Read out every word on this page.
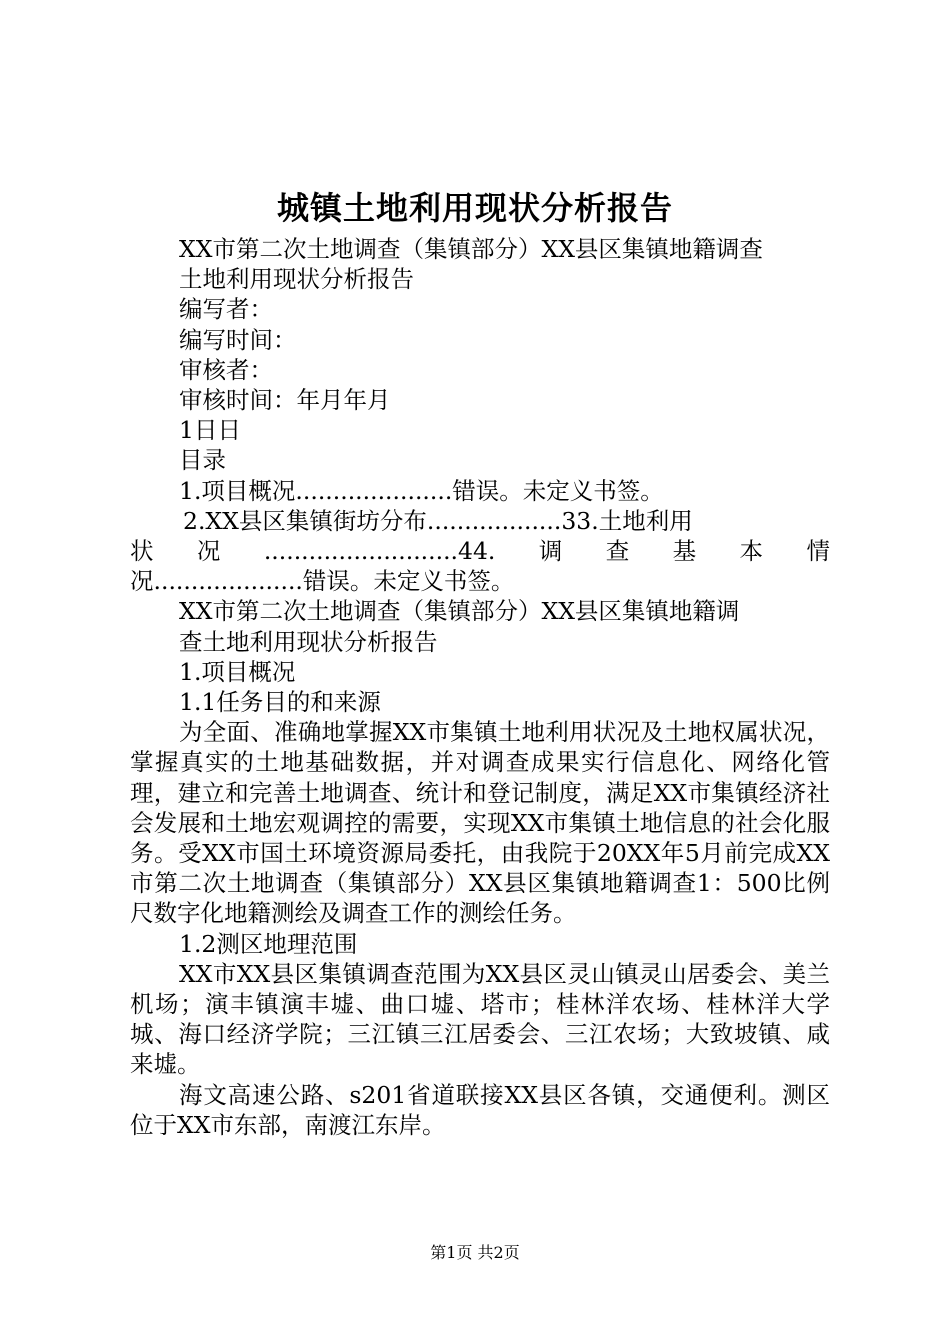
城镇土地利用现状分析报告

XX市第二次土地调查（集镇部分）XX县区集镇地籍调查

土地利用现状分析报告

编写者：

编写时间：

审核者：

审核时间：年月年月

1日日

目录

1.项目概况.....................错误。未定义书签。

2.XX县区集镇街坊分布..................33.土地利用

状 况 ..........................44. 调 查 基 本 情

况....................错误。未定义书签。

XX市第二次土地调查（集镇部分）XX县区集镇地籍调

查土地利用现状分析报告

1.项目概况

1.1任务目的和来源

为全面、准确地掌握XX市集镇土地利用状况及土地权属状况，掌握真实的土地基础数据，并对调查成果实行信息化、网络化管理，建立和完善土地调查、统计和登记制度，满足XX市集镇经济社会发展和土地宏观调控的需要，实现XX市集镇土地信息的社会化服务。受XX市国土环境资源局委托，由我院于20XX年5月前完成XX市第二次土地调查（集镇部分）XX县区集镇地籍调查1：500比例尺数字化地籍测绘及调查工作的测绘任务。

1.2测区地理范围

XX市XX县区集镇调查范围为XX县区灵山镇灵山居委会、美兰机场；演丰镇演丰墟、曲口墟、塔市；桂林洋农场、桂林洋大学城、海口经济学院；三江镇三江居委会、三江农场；大致坡镇、咸来墟。

海文高速公路、s201省道联接XX县区各镇，交通便利。测区位于XX市东部，南渡江东岸。

第1页 共2页
